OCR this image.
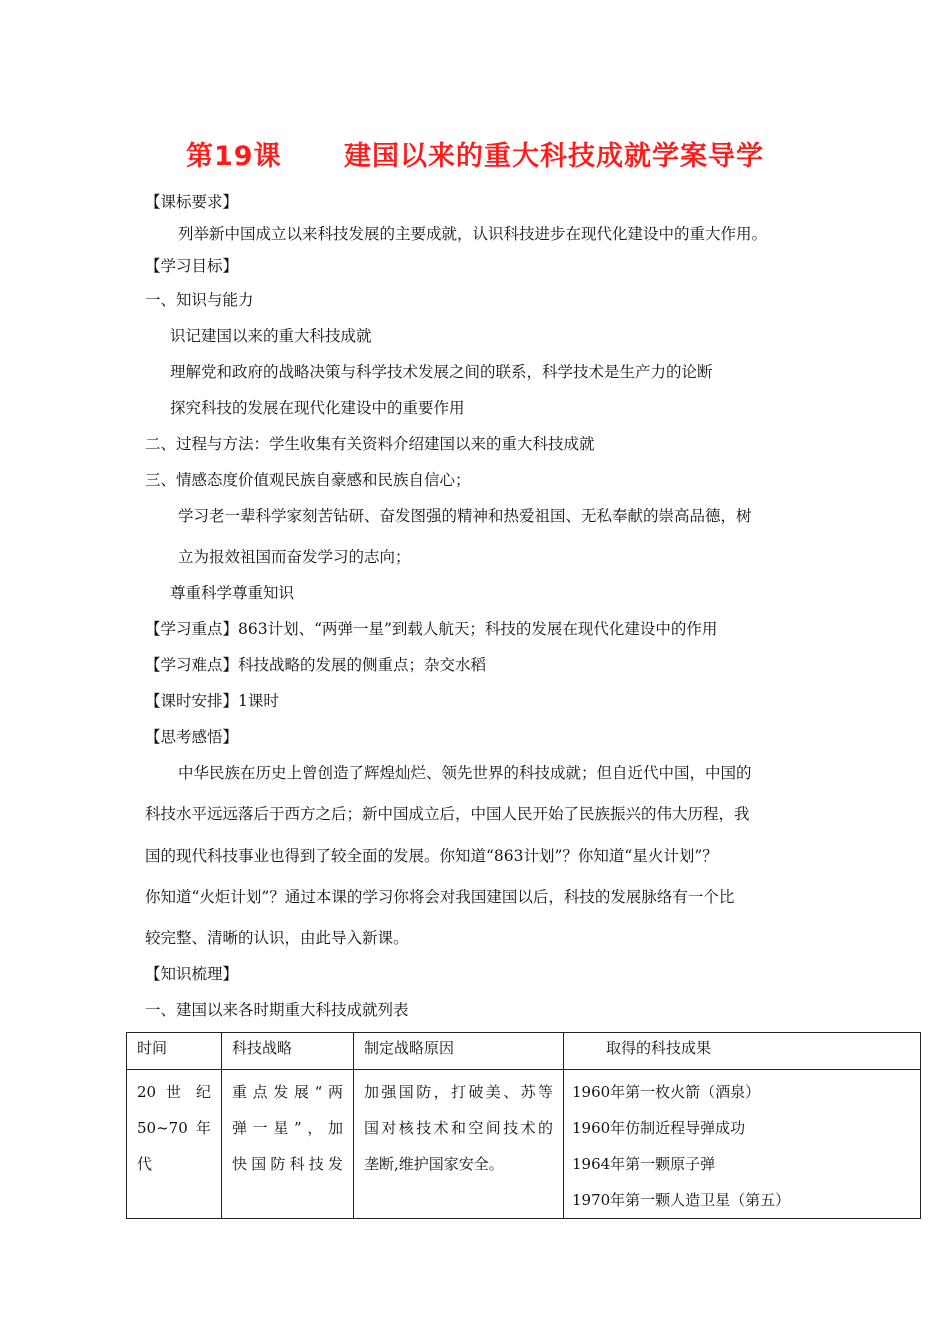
第19课      建国以来的重大科技成就学案导学
【课标要求】
列举新中国成立以来科技发展的主要成就，认识科技进步在现代化建设中的重大作用。
【学习目标】
一、知识与能力
识记建国以来的重大科技成就
理解党和政府的战略决策与科学技术发展之间的联系，科学技术是生产力的论断
探究科技的发展在现代化建设中的重要作用
二、过程与方法：学生收集有关资料介绍建国以来的重大科技成就
三、情感态度价值观民族自豪感和民族自信心；
学习老一辈科学家刻苦钻研、奋发图强的精神和热爱祖国、无私奉献的崇高品德，树
立为报效祖国而奋发学习的志向；
尊重科学尊重知识
【学习重点】863计划、“两弹一星”到载人航天；科技的发展在现代化建设中的作用
【学习难点】科技战略的发展的侧重点；杂交水稻
【课时安排】1课时
【思考感悟】
中华民族在历史上曾创造了辉煌灿烂、领先世界的科技成就；但自近代中国，中国的
科技水平远远落后于西方之后；新中国成立后，中国人民开始了民族振兴的伟大历程，我
国的现代科技事业也得到了较全面的发展。你知道“863计划”？你知道“星火计划”？
你知道“火炬计划”？通过本课的学习你将会对我国建国以后，科技的发展脉络有一个比
较完整、清晰的认识，由此导入新课。
【知识梳理】
一、建国以来各时期重大科技成就列表
时间	科技战略	制定战略原因	取得的科技成果

20 世 纪
50~70 年
代	重点发展“两
弹一星”，加
快国防科技发	加强国防，打破美、苏等
国对核技术和空间技术的
垄断,维护国家安全。	1960年第一枚火箭（酒泉）
1960年仿制近程导弹成功
1964年第一颗原子弹
1970年第一颗人造卫星（第五）
